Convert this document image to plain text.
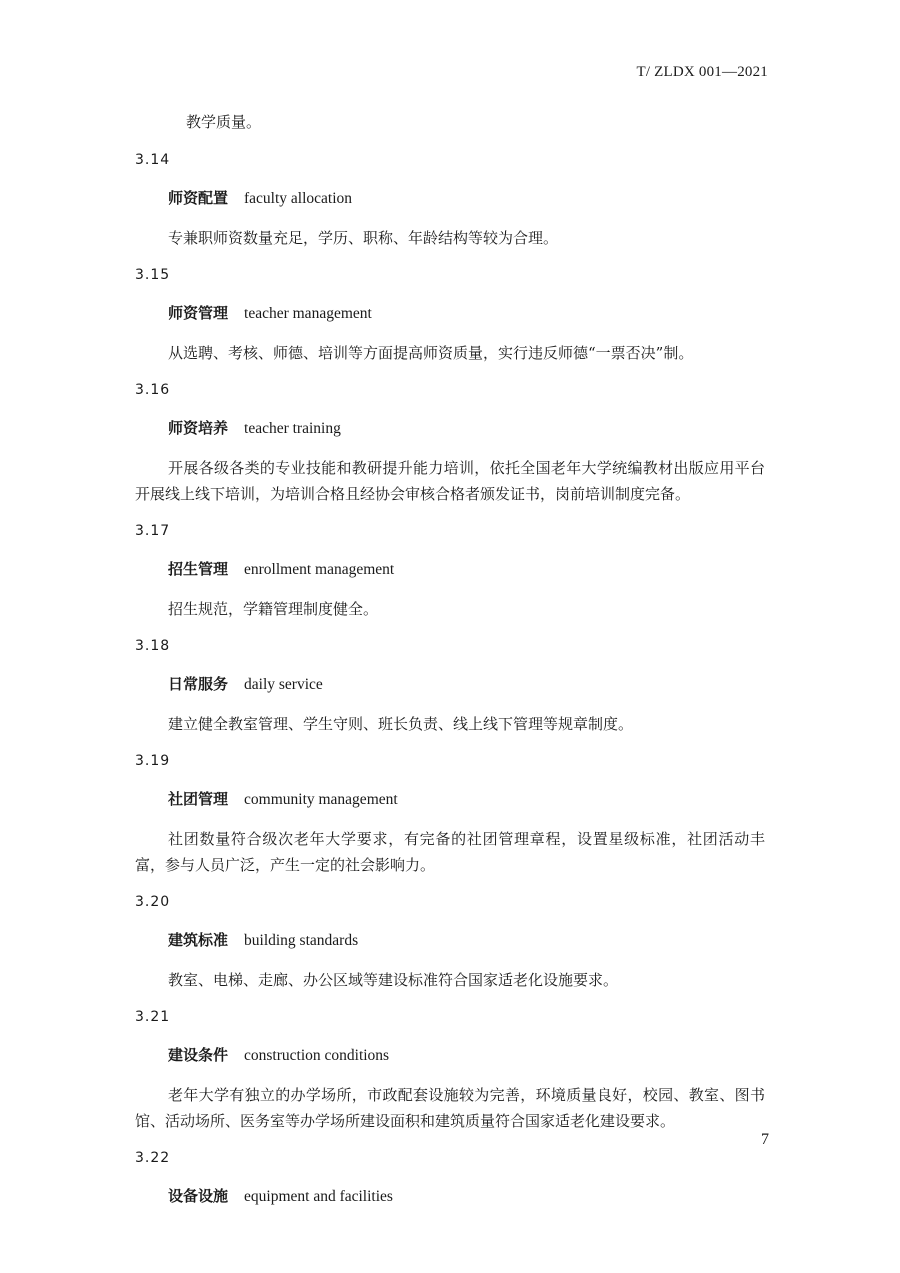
T/ ZLDX 001—2021

教学质量。

3.14

师资配置 faculty allocation

专兼职师资数量充足，学历、职称、年龄结构等较为合理。

3.15

师资管理 teacher management

从选聘、考核、师德、培训等方面提高师资质量，实行违反师德“一票否决”制。

3.16

师资培养 teacher training

开展各级各类的专业技能和教研提升能力培训，依托全国老年大学统编教材出版应用平台开展线上线下培训，为培训合格且经协会审核合格者颁发证书，岗前培训制度完备。

3.17

招生管理 enrollment management

招生规范，学籍管理制度健全。

3.18

日常服务 daily service

建立健全教室管理、学生守则、班长负责、线上线下管理等规章制度。

3.19

社团管理 community management

社团数量符合级次老年大学要求，有完备的社团管理章程，设置星级标准，社团活动丰富，参与人员广泛，产生一定的社会影响力。

3.20

建筑标准 building standards

教室、电梯、走廊、办公区域等建设标准符合国家适老化设施要求。

3.21

建设条件 construction conditions

老年大学有独立的办学场所，市政配套设施较为完善，环境质量良好，校园、教室、图书馆、活动场所、医务室等办学场所建设面积和建筑质量符合国家适老化建设要求。

3.22

设备设施 equipment and facilities

7
